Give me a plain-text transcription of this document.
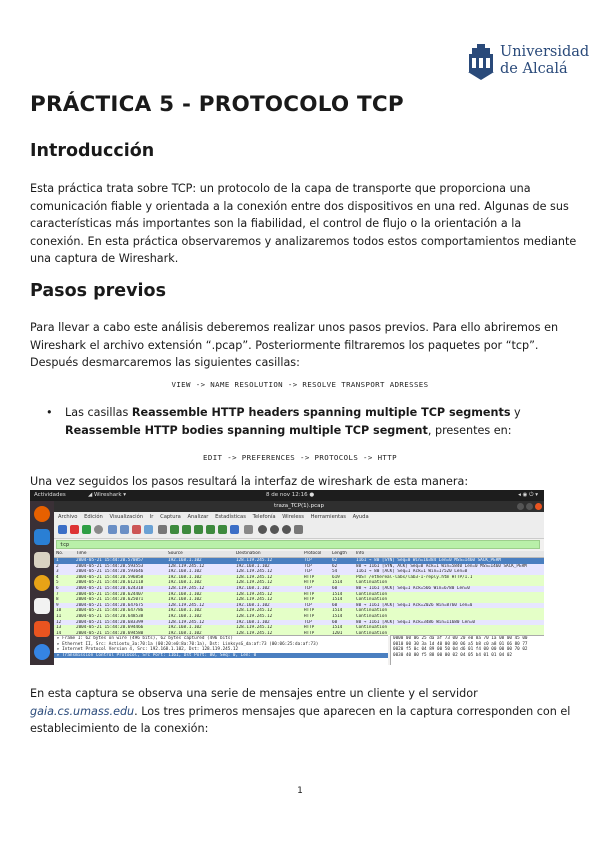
Universidad
de Alcalá
PRÁCTICA 5 - PROTOCOLO TCP
Introducción

Esta práctica trata sobre TCP: un protocolo de la capa de transporte que proporciona una comunicación fiable y orientada a la conexión entre dos dispositivos en una red. Algunas de sus características más importantes son la fiabilidad, el control de flujo o la orientación a la conexión. En esta práctica observaremos y analizaremos todos estos comportamientos mediante una captura de Wireshark.

Pasos previos

Para llevar a cabo este análisis deberemos realizar unos pasos previos. Para ello abriremos en Wireshark el archivo extensión “.pcap”. Posteriormente filtraremos los paquetes por “tcp”. Después desmarcaremos las siguientes casillas:

VIEW -> NAME RESOLUTION -> RESOLVE TRANSPORT ADRESSES
• Las casillas Reassemble HTTP headers spanning multiple TCP segments y Reassemble HTTP bodies spanning multiple TCP segment, presentes en:
EDIT -> PREFERENCES -> PROTOCOLS -> HTTP

Una vez seguidos los pasos resultará la interfaz de wireshark de esta manera:

Actividades	◢ Wireshark ▾	8 de nov 12:16 ●	◂ ◉ ⏻ ▾
traza_TCP(1).pcap
Archivo Edición Visualización Ir Captura Analizar Estadísticas Telefonía Wireless Herramientas Ayuda
tcp
No.	Time	Source	Destination	Protocol Length Info
1	2004-05-21 15:44:20.570857	192.168.1.102	128.119.245.12	TCP	62	1161 → 80 [SYN] Seq=0 Win=16384 Len=0 MSS=1460 SACK_PERM
2	2004-05-21 15:44:20.593553	128.119.245.12	192.168.1.102	TCP	62	80 → 1161 [SYN, ACK] Seq=0 Ack=1 Win=5840 Len=0 MSS=1460 SACK_PERM
3	2004-05-21 15:44:20.593646	192.168.1.102	128.119.245.12	TCP	54	1161 → 80 [ACK] Seq=1 Ack=1 Win=17520 Len=0
4	2004-05-21 15:44:20.596858	192.168.1.102	128.119.245.12	HTTP	619	POST /ethereal-labs/lab3-1-reply.htm HTTP/1.1
5	2004-05-21 15:44:20.612118	192.168.1.102	128.119.245.12	HTTP	1514	Continuation
6	2004-05-21 15:44:20.624318	128.119.245.12	192.168.1.102	TCP	60	80 → 1161 [ACK] Seq=1 Ack=566 Win=6780 Len=0
7	2004-05-21 15:44:20.624407	192.168.1.102	128.119.245.12	HTTP	1514	Continuation
8	2004-05-21 15:44:20.625071	192.168.1.102	128.119.245.12	HTTP	1514	Continuation
9	2004-05-21 15:44:20.647675	128.119.245.12	192.168.1.102	TCP	60	80 → 1161 [ACK] Seq=1 Ack=2026 Win=8760 Len=0
10	2004-05-21 15:44:20.647786	192.168.1.102	128.119.245.12	HTTP	1514	Continuation
11	2004-05-21 15:44:20.648538	192.168.1.102	128.119.245.12	HTTP	1514	Continuation
12	2004-05-21 15:44:20.683399	128.119.245.12	192.168.1.102	TCP	60	80 → 1161 [ACK] Seq=1 Ack=3486 Win=11680 Len=0
13	2004-05-21 15:44:20.694466	192.168.1.102	128.119.245.12	HTTP	1514	Continuation
14	2004-05-21 15:44:20.694580	192.168.1.102	128.119.245.12	HTTP	1201	Continuation
▸ Frame 1: 62 bytes on wire (496 bits), 62 bytes captured (496 bits)
▸ Ethernet II, Src: Actiontu_3a:70:1a (00:20:e0:8a:70:1a), Dst: LinksysG_da:af:73 (00:06:25:da:af:73)
▸ Internet Protocol Version 4, Src: 192.168.1.102, Dst: 128.119.245.12
▸ Transmission Control Protocol, Src Port: 1161, Dst Port: 80, Seq: 0, Len: 0
0000 00 06 25 da af 73 00 20 e0 8a 70 1a 08 00 45 00
0010 00 30 3a 1d 40 00 80 06 a5 b8 c0 a8 01 66 80 77
0020 f5 0c 04 89 00 50 0d d6 01 f4 00 00 00 00 70 02
0030 40 00 f5 88 00 00 02 04 05 b4 01 01 04 02

En esta captura se observa una serie de mensajes entre un cliente y el servidor gaia.cs.umass.edu. Los tres primeros mensajes que aparecen en la captura corresponden con el establecimiento de la conexión:

1
